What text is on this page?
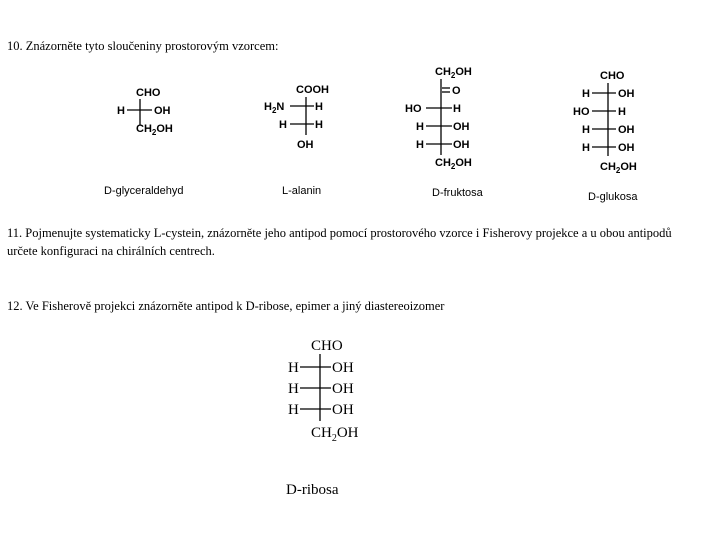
10. Znázorněte tyto sloučeniny prostorovým vzorcem:
11. Pojmenujte systematicky L-cystein, znázorněte jeho antipod pomocí prostorového vzorce i Fisherovy projekce a u obou antipodů určete konfiguraci na chirálních centrech.
12. Ve Fisherově projekci znázorněte antipod k D-ribose, epimer a jiný diastereoizomer
CHO
H	OH
$CH_2OH$
D-glyceraldehyd
COOH
$H_2N$	H
H	H
OH
L-alanin
$CH_2OH$
O
HO	H
H	OH
H	OH
$CH_2OH$
D-fruktosa
CHO
H	OH
HO	H
H	OH
H	OH
$CH_2OH$
D-glukosa
CHO
H OH
H OH
H OH
$CH_2OH$
D-ribosa
